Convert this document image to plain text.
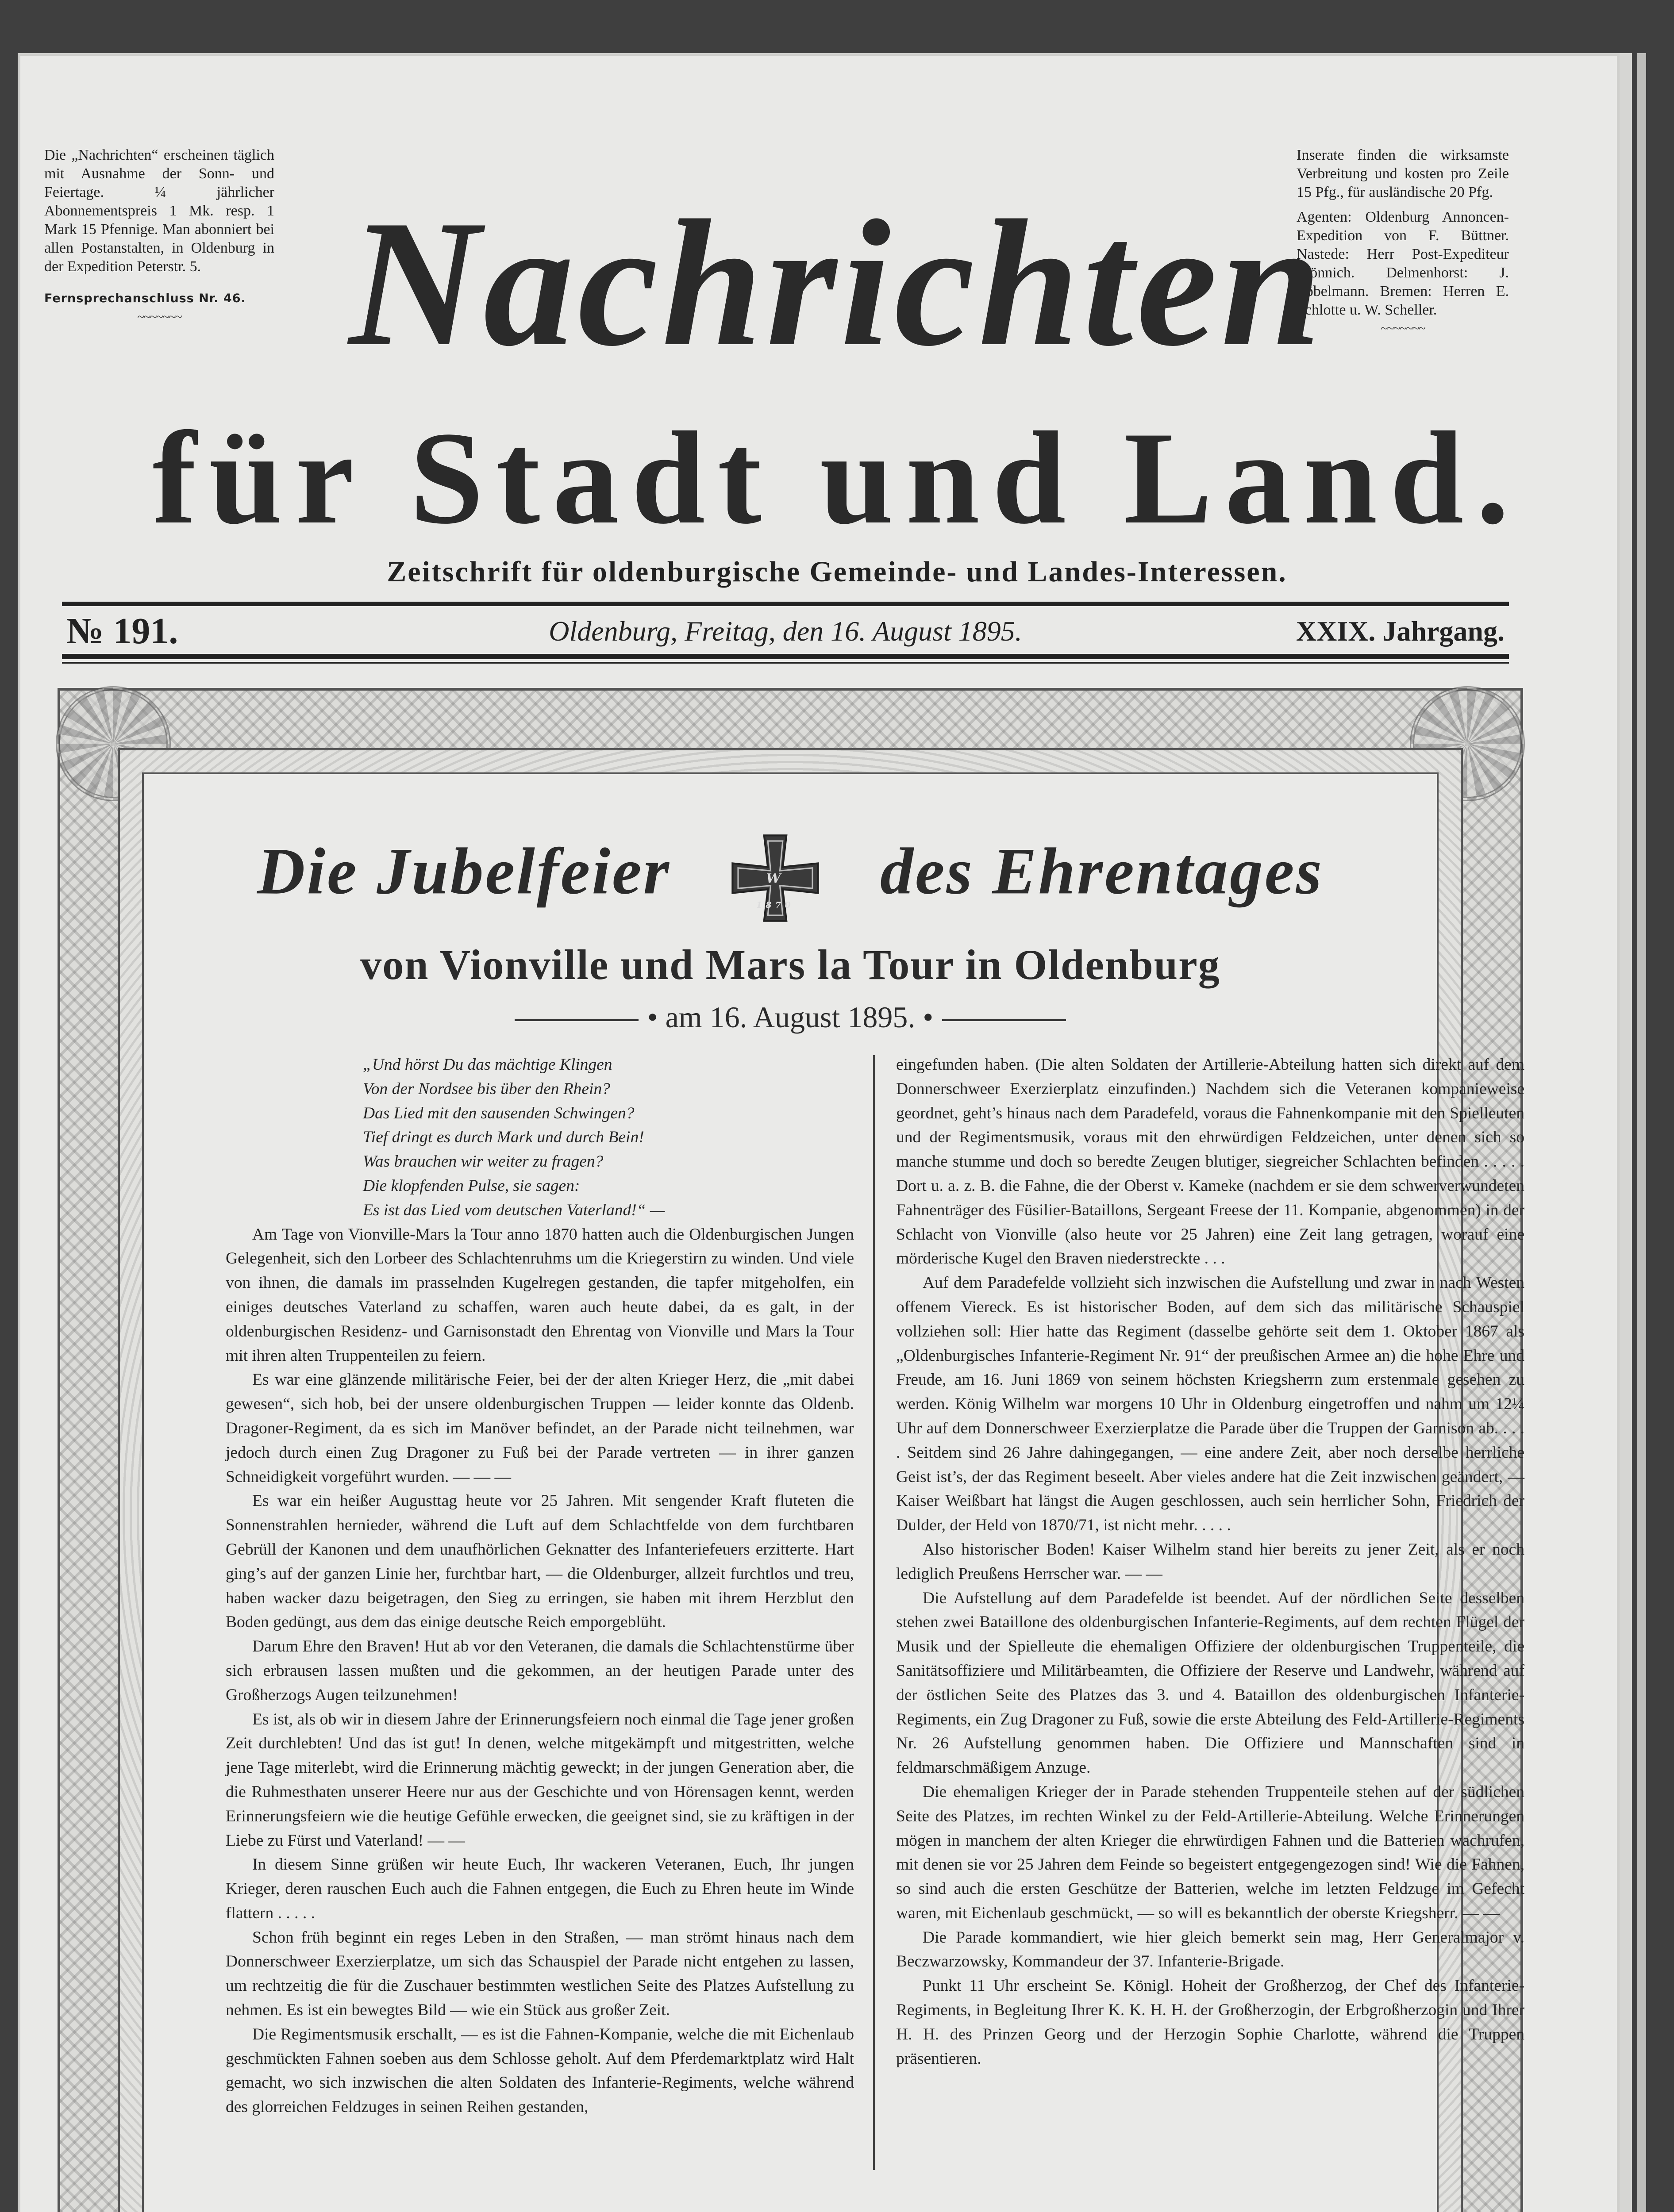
Die „Nachrichten“ erscheinen täglich mit Ausnahme der Sonn- und Feiertage. ¼ jährlicher Abonnementspreis 1 Mk. resp. 1 Mark 15 Pfennige. Man abonniert bei allen Postanstalten, in Oldenburg in der Expedition Peterstr. 5.
Fernsprechanschluss Nr. 46.
~~~~~~~
Inserate finden die wirksamste Verbreitung und kosten pro Zeile 15 Pfg., für ausländische 20 Pfg.
Agenten: Oldenburg Annoncen-Expedition von F. Büttner. Nastede: Herr Post-Expediteur Mönnich. Delmenhorst: J. Töbelmann. Bremen: Herren E. Schlotte u. W. Scheller.
~~~~~~~
Nachrichten
für Stadt und Land.
Zeitschrift für oldenburgische Gemeinde- und Landes-Interessen.
№ 191.	Oldenburg, Freitag, den 16. August 1895.	XXIX. Jahrgang.
Die Jubelfeier	W
1870 des Ehrentages
von Vionville und Mars la Tour in Oldenburg
• am 16. August 1895. •

„Und hörst Du das mächtige Klingen

Von der Nordsee bis über den Rhein?

Das Lied mit den sausenden Schwingen?

Tief dringt es durch Mark und durch Bein!

Was brauchen wir weiter zu fragen?

Die klopfenden Pulse, sie sagen:

Es ist das Lied vom deutschen Vaterland!“ —

Am Tage von Vionville-Mars la Tour anno 1870 hatten auch die Oldenburgischen Jungen Gelegenheit, sich den Lorbeer des Schlachtenruhms um die Kriegerstirn zu winden. Und viele von ihnen, die damals im prasselnden Kugelregen gestanden, die tapfer mitgeholfen, ein einiges deutsches Vaterland zu schaffen, waren auch heute dabei, da es galt, in der oldenburgischen Residenz- und Garnisonstadt den Ehrentag von Vionville und Mars la Tour mit ihren alten Truppenteilen zu feiern.

Es war eine glänzende militärische Feier, bei der der alten Krieger Herz, die „mit dabei gewesen“, sich hob, bei der unsere oldenburgischen Truppen — leider konnte das Oldenb. Dragoner-Regiment, da es sich im Manöver befindet, an der Parade nicht teilnehmen, war jedoch durch einen Zug Dragoner zu Fuß bei der Parade vertreten — in ihrer ganzen Schneidigkeit vorgeführt wurden. — — —

Es war ein heißer Augusttag heute vor 25 Jahren. Mit sengender Kraft fluteten die Sonnenstrahlen hernieder, während die Luft auf dem Schlachtfelde von dem furchtbaren Gebrüll der Kanonen und dem unaufhörlichen Geknatter des Infanteriefeuers erzitterte. Hart ging’s auf der ganzen Linie her, furchtbar hart, — die Oldenburger, allzeit furchtlos und treu, haben wacker dazu beigetragen, den Sieg zu erringen, sie haben mit ihrem Herzblut den Boden gedüngt, aus dem das einige deutsche Reich emporgeblüht.

Darum Ehre den Braven! Hut ab vor den Veteranen, die damals die Schlachtenstürme über sich erbrausen lassen mußten und die gekommen, an der heutigen Parade unter des Großherzogs Augen teilzunehmen!

Es ist, als ob wir in diesem Jahre der Erinnerungsfeiern noch einmal die Tage jener großen Zeit durchlebten! Und das ist gut! In denen, welche mitgekämpft und mitgestritten, welche jene Tage miterlebt, wird die Erinnerung mächtig geweckt; in der jungen Generation aber, die die Ruhmesthaten unserer Heere nur aus der Geschichte und von Hörensagen kennt, werden Erinnerungsfeiern wie die heutige Gefühle erwecken, die geeignet sind, sie zu kräftigen in der Liebe zu Fürst und Vaterland! — —

In diesem Sinne grüßen wir heute Euch, Ihr wackeren Veteranen, Euch, Ihr jungen Krieger, deren rauschen Euch auch die Fahnen entgegen, die Euch zu Ehren heute im Winde flattern . . . . .

Schon früh beginnt ein reges Leben in den Straßen, — man strömt hinaus nach dem Donnerschweer Exerzierplatze, um sich das Schauspiel der Parade nicht entgehen zu lassen, um rechtzeitig die für die Zuschauer bestimmten westlichen Seite des Platzes Aufstellung zu nehmen. Es ist ein bewegtes Bild — wie ein Stück aus großer Zeit.

Die Regimentsmusik erschallt, — es ist die Fahnen-Kompanie, welche die mit Eichenlaub geschmückten Fahnen soeben aus dem Schlosse geholt. Auf dem Pferdemarktplatz wird Halt gemacht, wo sich inzwischen die alten Soldaten des Infanterie-Regiments, welche während des glorreichen Feldzuges in seinen Reihen gestanden,

eingefunden haben. (Die alten Soldaten der Artillerie-Abteilung hatten sich direkt auf dem Donnerschweer Exerzierplatz einzufinden.) Nachdem sich die Veteranen kompanieweise geordnet, geht’s hinaus nach dem Paradefeld, voraus die Fahnenkompanie mit den Spielleuten und der Regimentsmusik, voraus mit den ehrwürdigen Feldzeichen, unter denen sich so manche stumme und doch so beredte Zeugen blutiger, siegreicher Schlachten befinden . . . . . Dort u. a. z. B. die Fahne, die der Oberst v. Kameke (nachdem er sie dem schwerverwundeten Fahnenträger des Füsilier-Bataillons, Sergeant Freese der 11. Kompanie, abgenommen) in der Schlacht von Vionville (also heute vor 25 Jahren) eine Zeit lang getragen, worauf eine mörderische Kugel den Braven niederstreckte . . .

Auf dem Paradefelde vollzieht sich inzwischen die Aufstellung und zwar in nach Westen offenem Viereck. Es ist historischer Boden, auf dem sich das militärische Schauspiel vollziehen soll: Hier hatte das Regiment (dasselbe gehörte seit dem 1. Oktober 1867 als „Oldenburgisches Infanterie-Regiment Nr. 91“ der preußischen Armee an) die hohe Ehre und Freude, am 16. Juni 1869 von seinem höchsten Kriegsherrn zum erstenmale gesehen zu werden. König Wilhelm war morgens 10 Uhr in Oldenburg eingetroffen und nahm um 12¼ Uhr auf dem Donnerschweer Exerzierplatze die Parade über die Truppen der Garnison ab. . . . . Seitdem sind 26 Jahre dahingegangen, — eine andere Zeit, aber noch derselbe herrliche Geist ist’s, der das Regiment beseelt. Aber vieles andere hat die Zeit inzwischen geändert, — Kaiser Weißbart hat längst die Augen geschlossen, auch sein herrlicher Sohn, Friedrich der Dulder, der Held von 1870/71, ist nicht mehr. . . . .

Also historischer Boden! Kaiser Wilhelm stand hier bereits zu jener Zeit, als er noch lediglich Preußens Herrscher war. — —

Die Aufstellung auf dem Paradefelde ist beendet. Auf der nördlichen Seite desselben stehen zwei Bataillone des oldenburgischen Infanterie-Regiments, auf dem rechten Flügel der Musik und der Spielleute die ehemaligen Offiziere der oldenburgischen Truppenteile, die Sanitätsoffiziere und Militärbeamten, die Offiziere der Reserve und Landwehr, während auf der östlichen Seite des Platzes das 3. und 4. Bataillon des oldenburgischen Infanterie-Regiments, ein Zug Dragoner zu Fuß, sowie die erste Abteilung des Feld-Artillerie-Regiments Nr. 26 Aufstellung genommen haben. Die Offiziere und Mannschaften sind in feldmarschmäßigem Anzuge.

Die ehemaligen Krieger der in Parade stehenden Truppenteile stehen auf der südlichen Seite des Platzes, im rechten Winkel zu der Feld-Artillerie-Abteilung. Welche Erinnerungen mögen in manchem der alten Krieger die ehrwürdigen Fahnen und die Batterien wachrufen, mit denen sie vor 25 Jahren dem Feinde so begeistert entgegengezogen sind! Wie die Fahnen, so sind auch die ersten Geschütze der Batterien, welche im letzten Feldzuge im Gefecht waren, mit Eichenlaub geschmückt, — so will es bekanntlich der oberste Kriegsherr. — —

Die Parade kommandiert, wie hier gleich bemerkt sein mag, Herr Generalmajor v. Beczwarzowsky, Kommandeur der 37. Infanterie-Brigade.

Punkt 11 Uhr erscheint Se. Königl. Hoheit der Großherzog, der Chef des Infanterie-Regiments, in Begleitung Ihrer K. K. H. H. der Großherzogin, der Erbgroßherzogin und Ihrer H. H. des Prinzen Georg und der Herzogin Sophie Charlotte, während die Truppen präsentieren.
